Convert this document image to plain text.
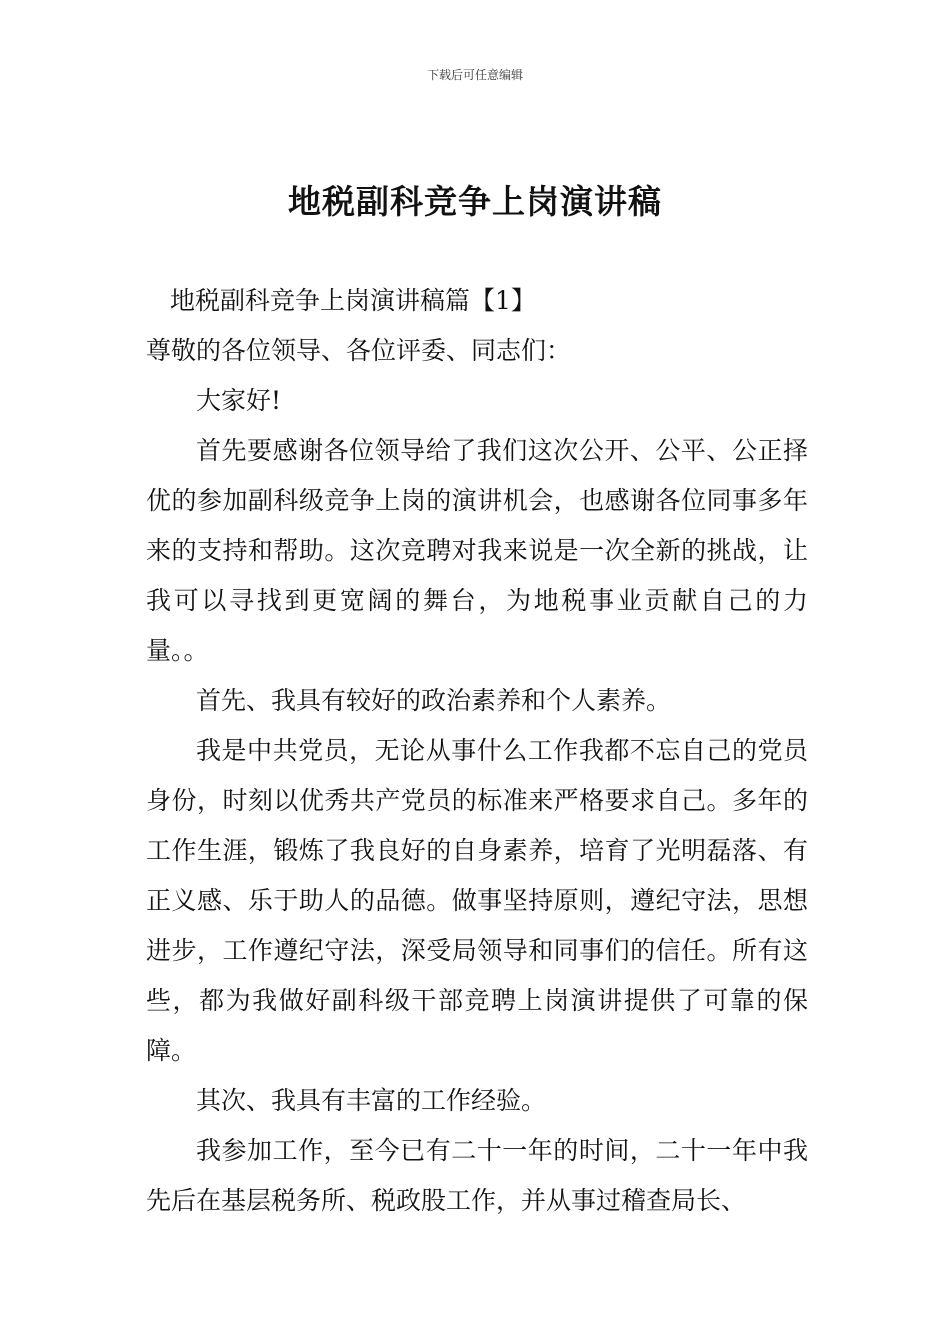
下载后可任意编辑
地税副科竞争上岗演讲稿

地税副科竞争上岗演讲稿篇【1】

尊敬的各位领导、各位评委、同志们：

大家好!

首先要感谢各位领导给了我们这次公开、公平、公正择优的参加副科级竞争上岗的演讲机会，也感谢各位同事多年来的支持和帮助。这次竞聘对我来说是一次全新的挑战，让我可以寻找到更宽阔的舞台，为地税事业贡献自己的力量。。

首先、我具有较好的政治素养和个人素养。

我是中共党员，无论从事什么工作我都不忘自己的党员身份，时刻以优秀共产党员的标准来严格要求自己。多年的工作生涯，锻炼了我良好的自身素养，培育了光明磊落、有正义感、乐于助人的品德。做事坚持原则，遵纪守法，思想进步，工作遵纪守法，深受局领导和同事们的信任。所有这些，都为我做好副科级干部竞聘上岗演讲提供了可靠的保障。

其次、我具有丰富的工作经验。

我参加工作，至今已有二十一年的时间，二十一年中我先后在基层税务所、税政股工作，并从事过稽查局长、
